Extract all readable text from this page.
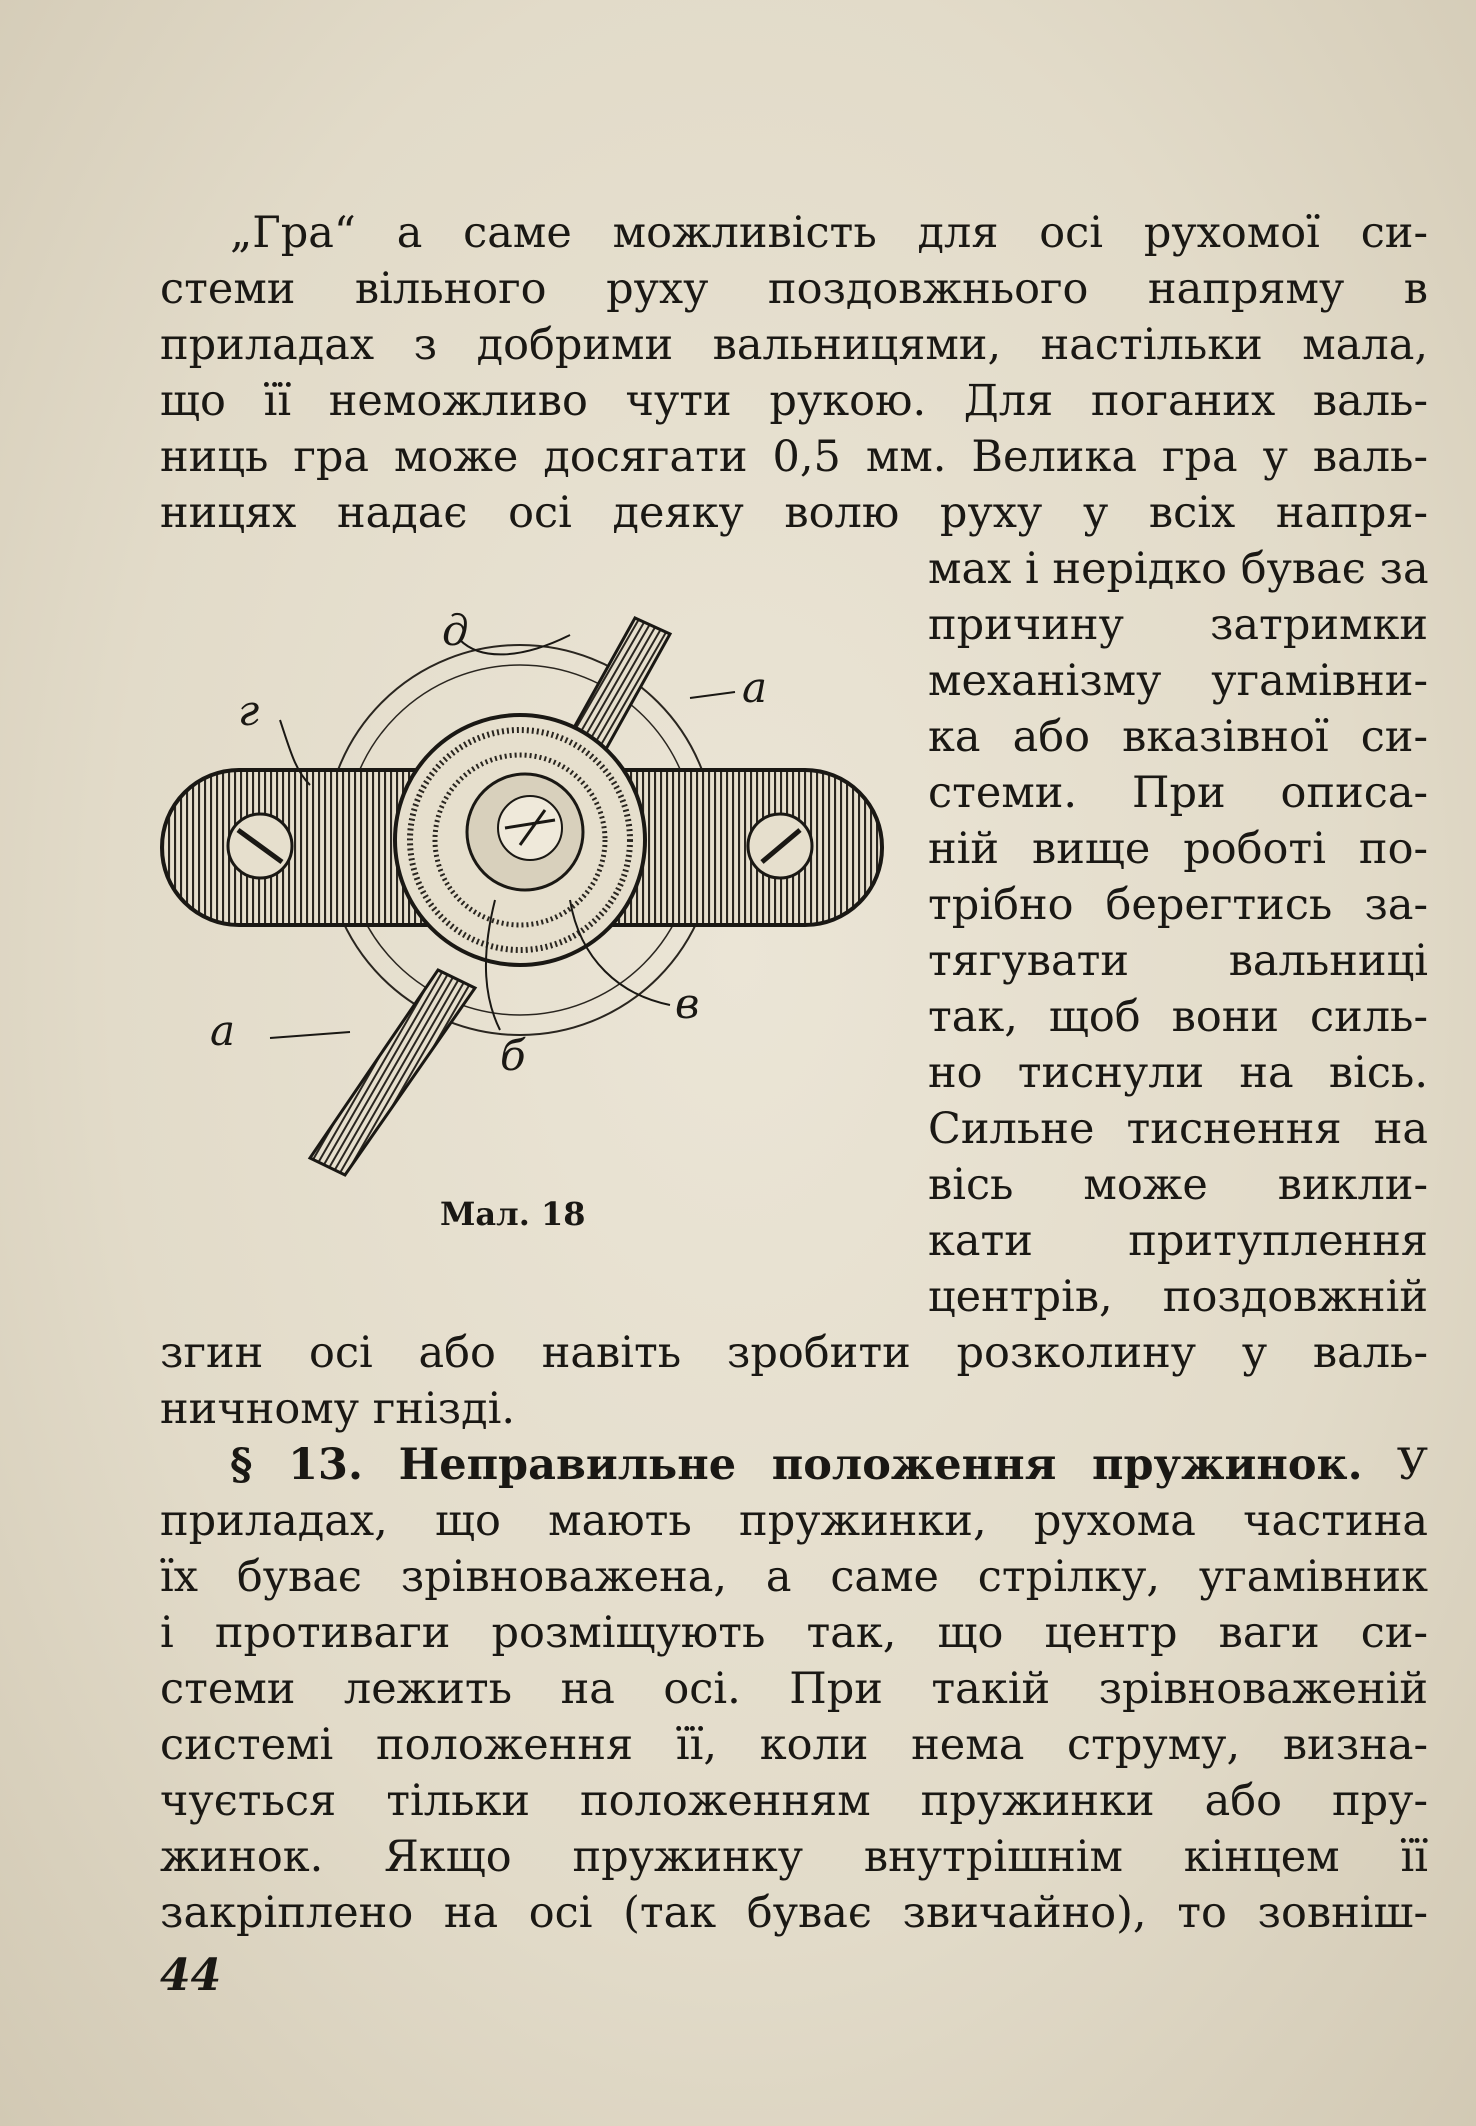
„Гра“ а саме можливість для осі рухомої си-
стеми вільного руху поздовжнього напряму в
приладах з добрими вальницями, настільки мала,
що її неможливо чути рукою. Для поганих валь-
ниць гра може досягати 0,5 мм. Велика гра у валь-
ницях надає осі деяку волю руху у всіх напря-
мах і нерідко буває за
причину затримки
механізму угамівни-
ка або вказівної си-
стеми. При описа-
ній вище роботі по-
трібно берегтись за-
тягувати вальниці
так, щоб вони силь-
но тиснули на вісь.
Сильне тиснення на
вісь може викли-
кати притуплення
центрів, поздовжній
д
а
г
а
б
в
Мал. 18
згин осі або навіть зробити розколину у валь-
ничному гнізді.
§ 13. Неправильне положення пружинок. У
приладах, що мають пружинки, рухома частина
їх буває зрівноважена, а саме стрілку, угамівник
і противаги розміщують так, що центр ваги си-
стеми лежить на осі. При такій зрівноваженій
системі положення її, коли нема струму, визна-
чується тільки положенням пружинки або пру-
жинок. Якщо пружинку внутрішнім кінцем її
закріплено на осі (так буває звичайно), то зовніш-
44
